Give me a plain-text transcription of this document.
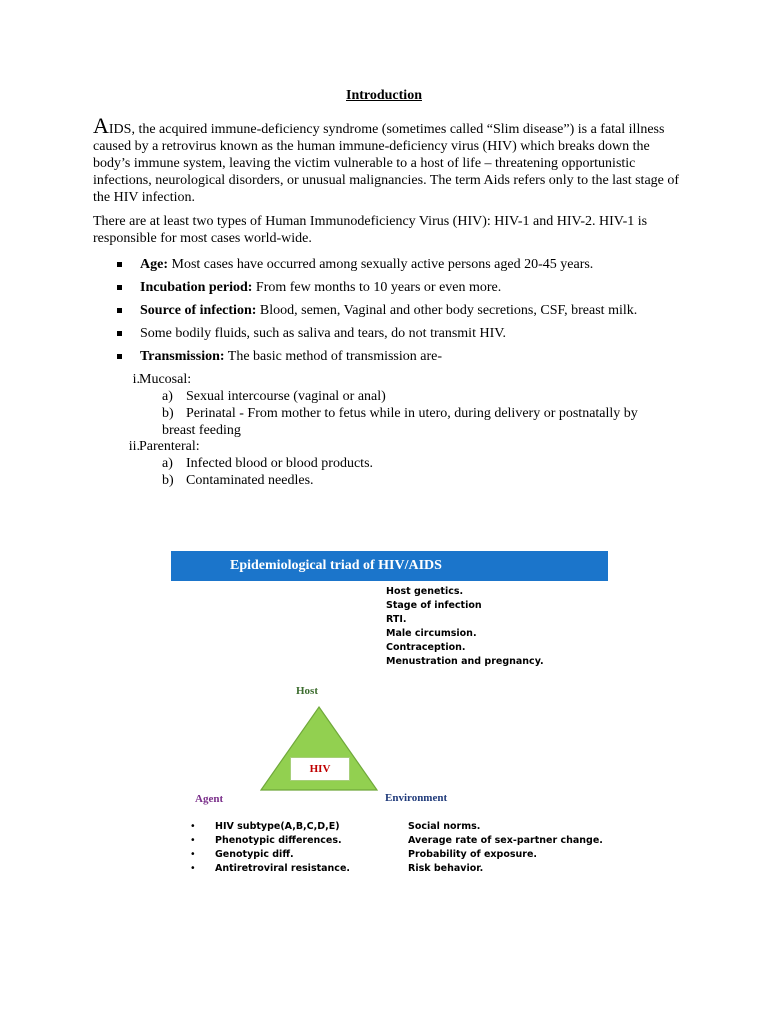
Introduction
AIDS, the acquired immune-deficiency syndrome (sometimes called “Slim disease”) is a fatal illness caused by a retrovirus known as the human immune-deficiency virus (HIV) which breaks down the body’s immune system, leaving the victim vulnerable to a host of life – threatening opportunistic infections, neurological disorders, or unusual malignancies. The term Aids refers only to the last stage of the HIV infection.
There are at least two types of Human Immunodeficiency Virus (HIV): HIV-1 and HIV-2. HIV-1 is responsible for most cases world-wide.
Age: Most cases have occurred among sexually active persons aged 20-45 years.
Incubation period: From few months to 10 years or even more.
Source of infection: Blood, semen, Vaginal and other body secretions, CSF, breast milk.
Some bodily fluids, such as saliva and tears, do not transmit HIV.
Transmission: The basic method of transmission are-
i. Mucosal:
a) Sexual intercourse (vaginal or anal)
b) Perinatal - From mother to fetus while in utero, during delivery or postnatally by
breast feeding
ii. Parenteral:
a) Infected blood or blood products.
b) Contaminated needles.
Epidemiological triad of HIV/AIDS
Host genetics.
Stage of infection
RTI.
Male circumsion.
Contraception.
Menustration and pregnancy.
Host
HIV
Agent	Environment
• HIV subtype(A,B,C,D,E)
• Phenotypic differences.
• Genotypic diff.
• Antiretroviral resistance.
Social norms.
Average rate of sex-partner change.
Probability of exposure.
Risk behavior.
